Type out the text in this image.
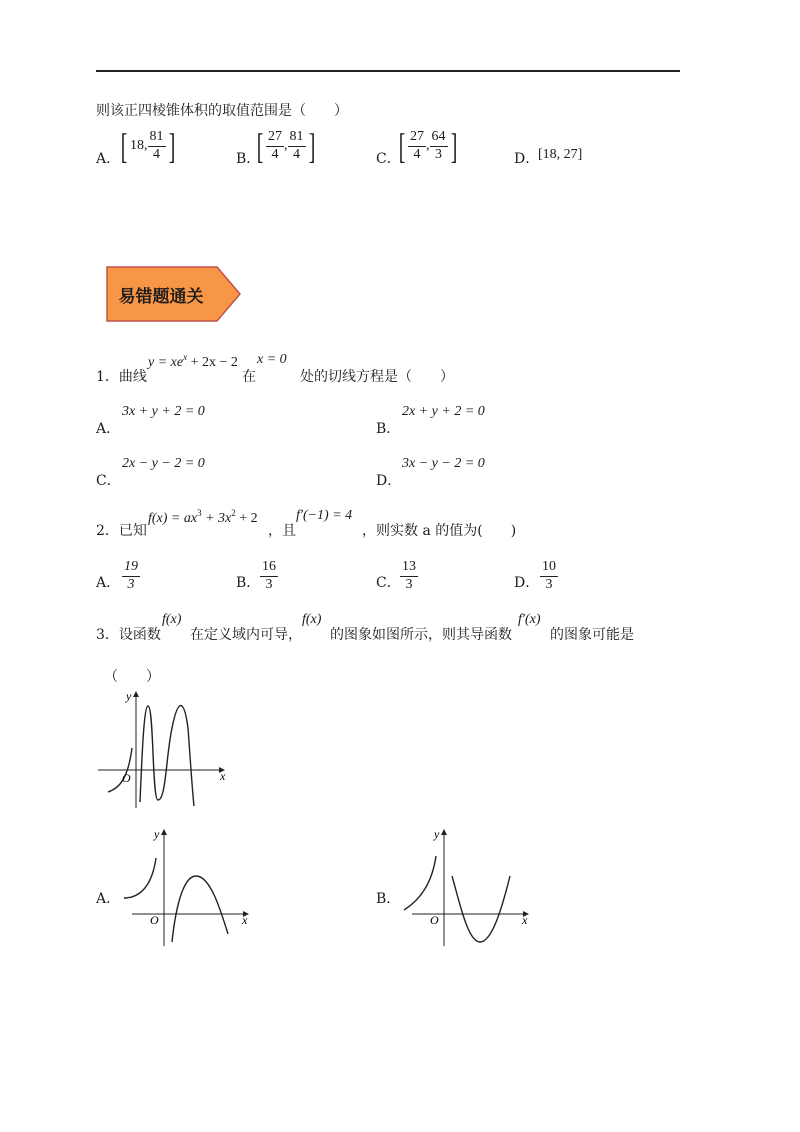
则该正四棱锥体积的取值范围是（　　）
A． [ 18, $\frac{81}{4}$ ]	B．
[ $\frac{27}{4}$ , $\frac{81}{4}$ ]	C．
[ $\frac{27}{4}$ , $\frac{64}{3}$ ]	D．
[18, 27]
易错题通关
1．曲线
$y = xe^x + 2x - 2$
在
x = 0
处的切线方程是（　　）
A．
3x + y + 2 = 0
B．
2x + y + 2 = 0
C．
2x − y − 2 = 0
D．
3x − y − 2 = 0
2．已知
$f(x) = ax^3 + 3x^2 + 2$
，且
f′(−1) = 4
，则实数 a 的值为(　　)
A． $\frac{19}{3}$	B． $\frac{16}{3}$	C． $\frac{13}{3}$	D． $\frac{10}{3}$
3．设函数
f(x)
在定义域内可导，
f(x)
的图象如图所示，则其导函数
f′(x)
的图象可能是
（　　）
y
x
O
A．
y
x
O
B．
y
x
O
